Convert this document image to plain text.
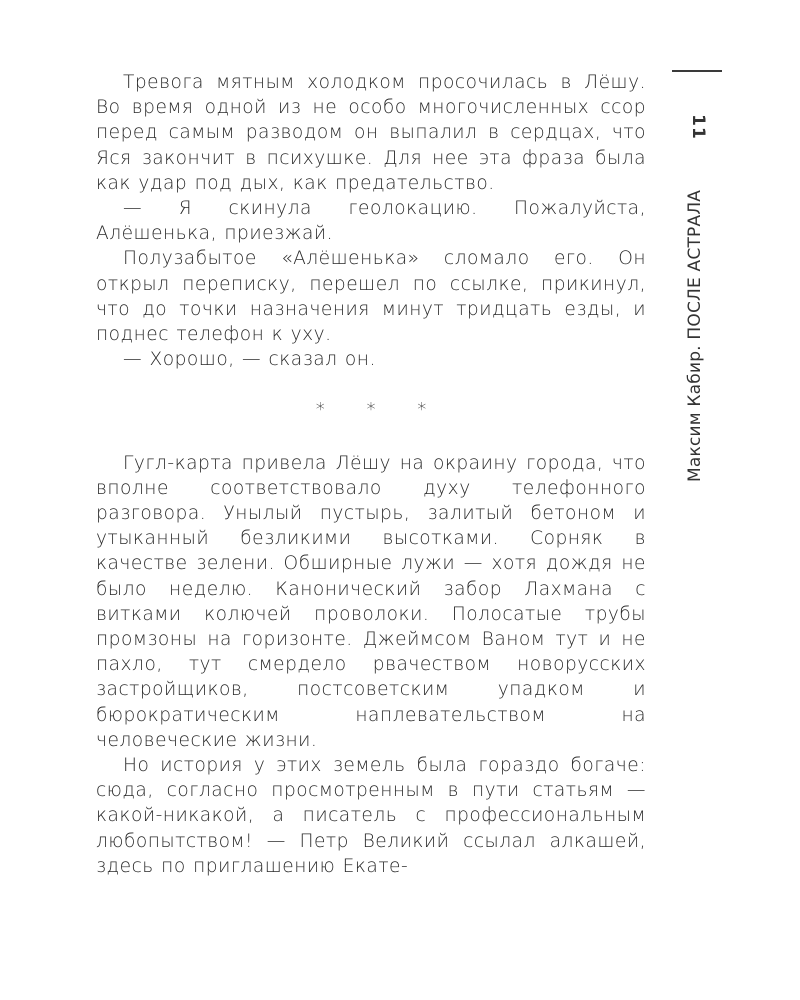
Тревога мятным холодком просочилась в Лёшу. Во время одной из не особо многочисленных ссор перед самым разводом он выпалил в сердцах, что Яся закончит в психушке. Для нее эта фраза была как удар под дых, как предательство.

— Я скинула геолокацию. Пожалуйста, Алёшенька, приезжай.

Полузабытое «Алёшенька» сломало его. Он открыл переписку, перешел по ссылке, прикинул, что до точки назначения минут тридцать езды, и поднес телефон к уху.

— Хорошо, — сказал он.

* * *

Гугл-карта привела Лёшу на окраину города, что вполне соответствовало духу телефонного разговора. Унылый пустырь, залитый бетоном и утыканный безликими высотками. Сорняк в качестве зелени. Обширные лужи — хотя дождя не было неделю. Канонический забор Лахмана с витками колючей проволоки. Полосатые трубы промзоны на горизонте. Джеймсом Ваном тут и не пахло, тут смердело рвачеством новорусских застройщиков, постсоветским упадком и бюрократическим наплевательством на человеческие жизни.

Но история у этих земель была гораздо богаче: сюда, согласно просмотренным в пути статьям — какой-никакой, а писатель с профессиональным любопытством! — Петр Великий ссылал алкашей, здесь по приглашению Екате-

11
Максим Кабир. ПОСЛЕ АСТРАЛА
